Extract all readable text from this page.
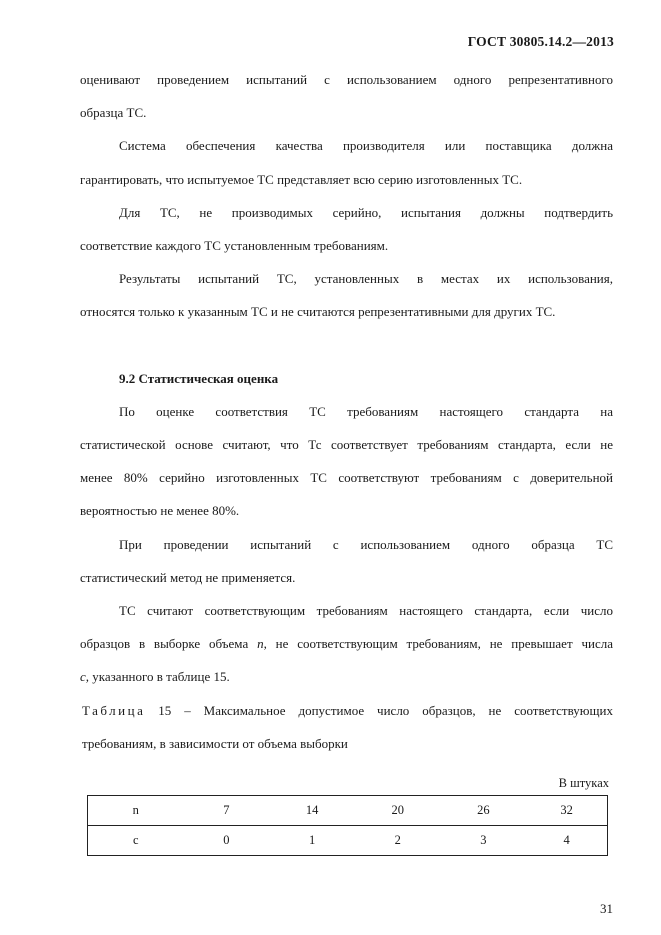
ГОСТ 30805.14.2—2013

оценивают проведением испытаний с использованием одного репрезентативного

образца ТС.

Система обеспечения качества производителя или поставщика должна

гарантировать, что испытуемое ТС представляет всю серию изготовленных ТС.

Для ТС, не производимых серийно, испытания должны подтвердить

соответствие каждого ТС установленным требованиям.

Результаты испытаний ТС, установленных в местах их использования,

относятся только к указанным ТС и не считаются репрезентативными для других ТС.

9.2 Статистическая оценка

По оценке соответствия ТС требованиям настоящего стандарта на

статистической основе считают, что Тс соответствует требованиям стандарта, если не

менее 80% серийно изготовленных ТС соответствуют требованиям с доверительной

вероятностью не менее 80%.

При проведении испытаний с использованием одного образца ТС

статистический метод не применяется.

ТС считают соответствующим требованиям настоящего стандарта, если число

образцов в выборке объема n, не соответствующим требованиям, не превышает числа

c, указанного в таблице 15.

Таблица 15 – Максимальное допустимое число образцов, не соответствующих

требованиям, в зависимости от объема выборки

В штуках
n	7	14	20	26	32
c	0	1	2	3	4
31
